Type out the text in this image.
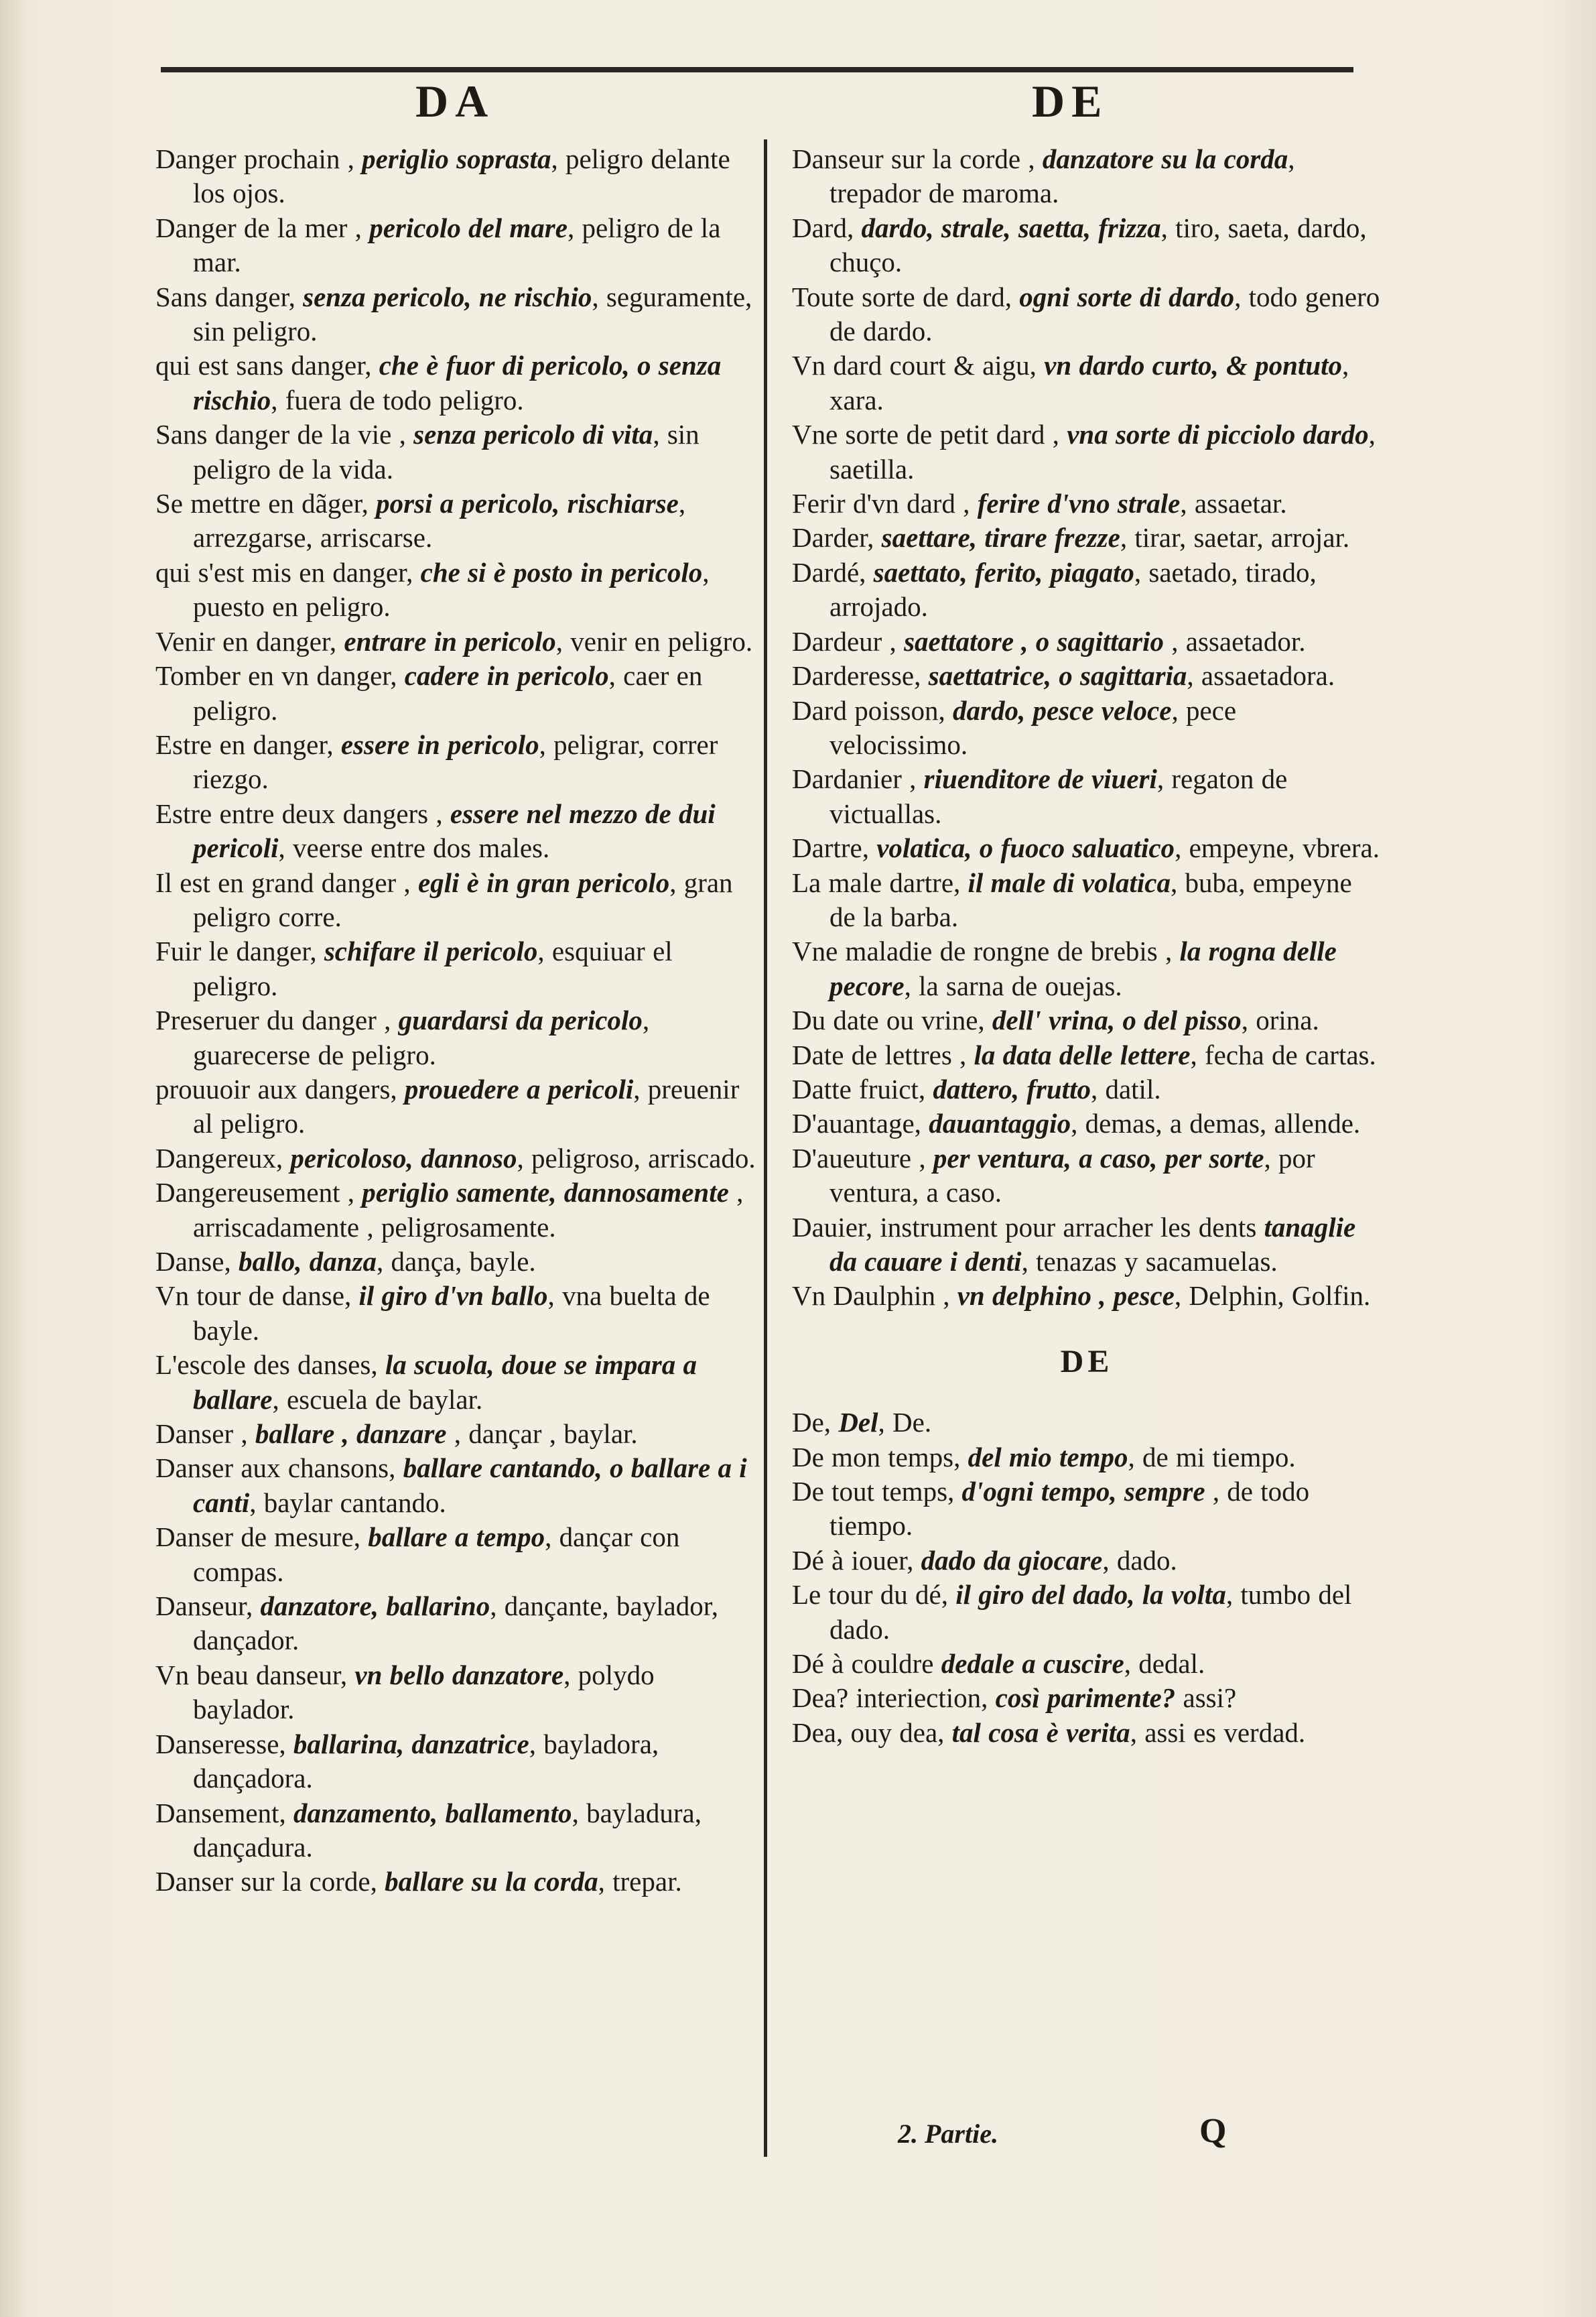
DA	DE

Danger prochain , periglio soprasta, peligro delante los ojos.

Danger de la mer , pericolo del mare, peligro de la mar.

Sans danger, senza pericolo, ne rischio, seguramente, sin peligro.

qui est sans danger, che è fuor di pericolo, o senza rischio, fuera de todo peligro.

Sans danger de la vie , senza pericolo di vita, sin peligro de la vida.

Se mettre en dãger, porsi a pericolo, rischiarse, arrezgarse, arriscarse.

qui s'est mis en danger, che si è posto in pericolo, puesto en peligro.

Venir en danger, entrare in pericolo, venir en peligro.

Tomber en vn danger, cadere in pericolo, caer en peligro.

Estre en danger, essere in pericolo, peligrar, correr riezgo.

Estre entre deux dangers , essere nel mezzo de dui pericoli, veerse entre dos males.

Il est en grand danger , egli è in gran pericolo, gran peligro corre.

Fuir le danger, schifare il pericolo, esquiuar el peligro.

Preseruer du danger , guardarsi da pericolo, guarecerse de peligro.

prouuoir aux dangers, prouedere a pericoli, preuenir al peligro.

Dangereux, pericoloso, dannoso, peligroso, arriscado.

Dangereusement , periglio samente, dannosamente , arriscadamente , peligrosamente.

Danse, ballo, danza, dança, bayle.

Vn tour de danse, il giro d'vn ballo, vna buelta de bayle.

L'escole des danses, la scuola, doue se impara a ballare, escuela de baylar.

Danser , ballare , danzare , dançar , baylar.

Danser aux chansons, ballare cantando, o ballare a i canti, baylar cantando.

Danser de mesure, ballare a tempo, dançar con compas.

Danseur, danzatore, ballarino, dançante, baylador, dançador.

Vn beau danseur, vn bello danzatore, polydo baylador.

Danseresse, ballarina, danzatrice, bayladora, dançadora.

Dansement, danzamento, ballamento, bayladura, dançadura.

Danser sur la corde, ballare su la corda, trepar.

Danseur sur la corde , danzatore su la corda, trepador de maroma.

Dard, dardo, strale, saetta, frizza, tiro, saeta, dardo, chuço.

Toute sorte de dard, ogni sorte di dardo, todo genero de dardo.

Vn dard court & aigu, vn dardo curto, & pontuto, xara.

Vne sorte de petit dard , vna sorte di picciolo dardo, saetilla.

Ferir d'vn dard , ferire d'vno strale, assaetar.

Darder, saettare, tirare frezze, tirar, saetar, arrojar.

Dardé, saettato, ferito, piagato, saetado, tirado, arrojado.

Dardeur , saettatore , o sagittario , assaetador.

Darderesse, saettatrice, o sagittaria, assaetadora.

Dard poisson, dardo, pesce veloce, pece velocissimo.

Dardanier , riuenditore de viueri, regaton de victuallas.

Dartre, volatica, o fuoco saluatico, empeyne, vbrera.

La male dartre, il male di volatica, buba, empeyne de la barba.

Vne maladie de rongne de brebis , la rogna delle pecore, la sarna de ouejas.

Du date ou vrine, dell' vrina, o del pisso, orina.

Date de lettres , la data delle lettere, fecha de cartas.

Datte fruict, dattero, frutto, datil.

D'auantage, dauantaggio, demas, a demas, allende.

D'aueuture , per ventura, a caso, per sorte, por ventura, a caso.

Dauier, instrument pour arracher les dents tanaglie da cauare i denti, tenazas y sacamuelas.

Vn Daulphin , vn delphino , pesce, Delphin, Golfin.

DE

De, Del, De.

De mon temps, del mio tempo, de mi tiempo.

De tout temps, d'ogni tempo, sempre , de todo tiempo.

Dé à iouer, dado da giocare, dado.

Le tour du dé, il giro del dado, la volta, tumbo del dado.

Dé à couldre dedale a cuscire, dedal.

Dea? interiection, così parimente? assi?

Dea, ouy dea, tal cosa è verita, assi es verdad.

2. Partie.	Q
